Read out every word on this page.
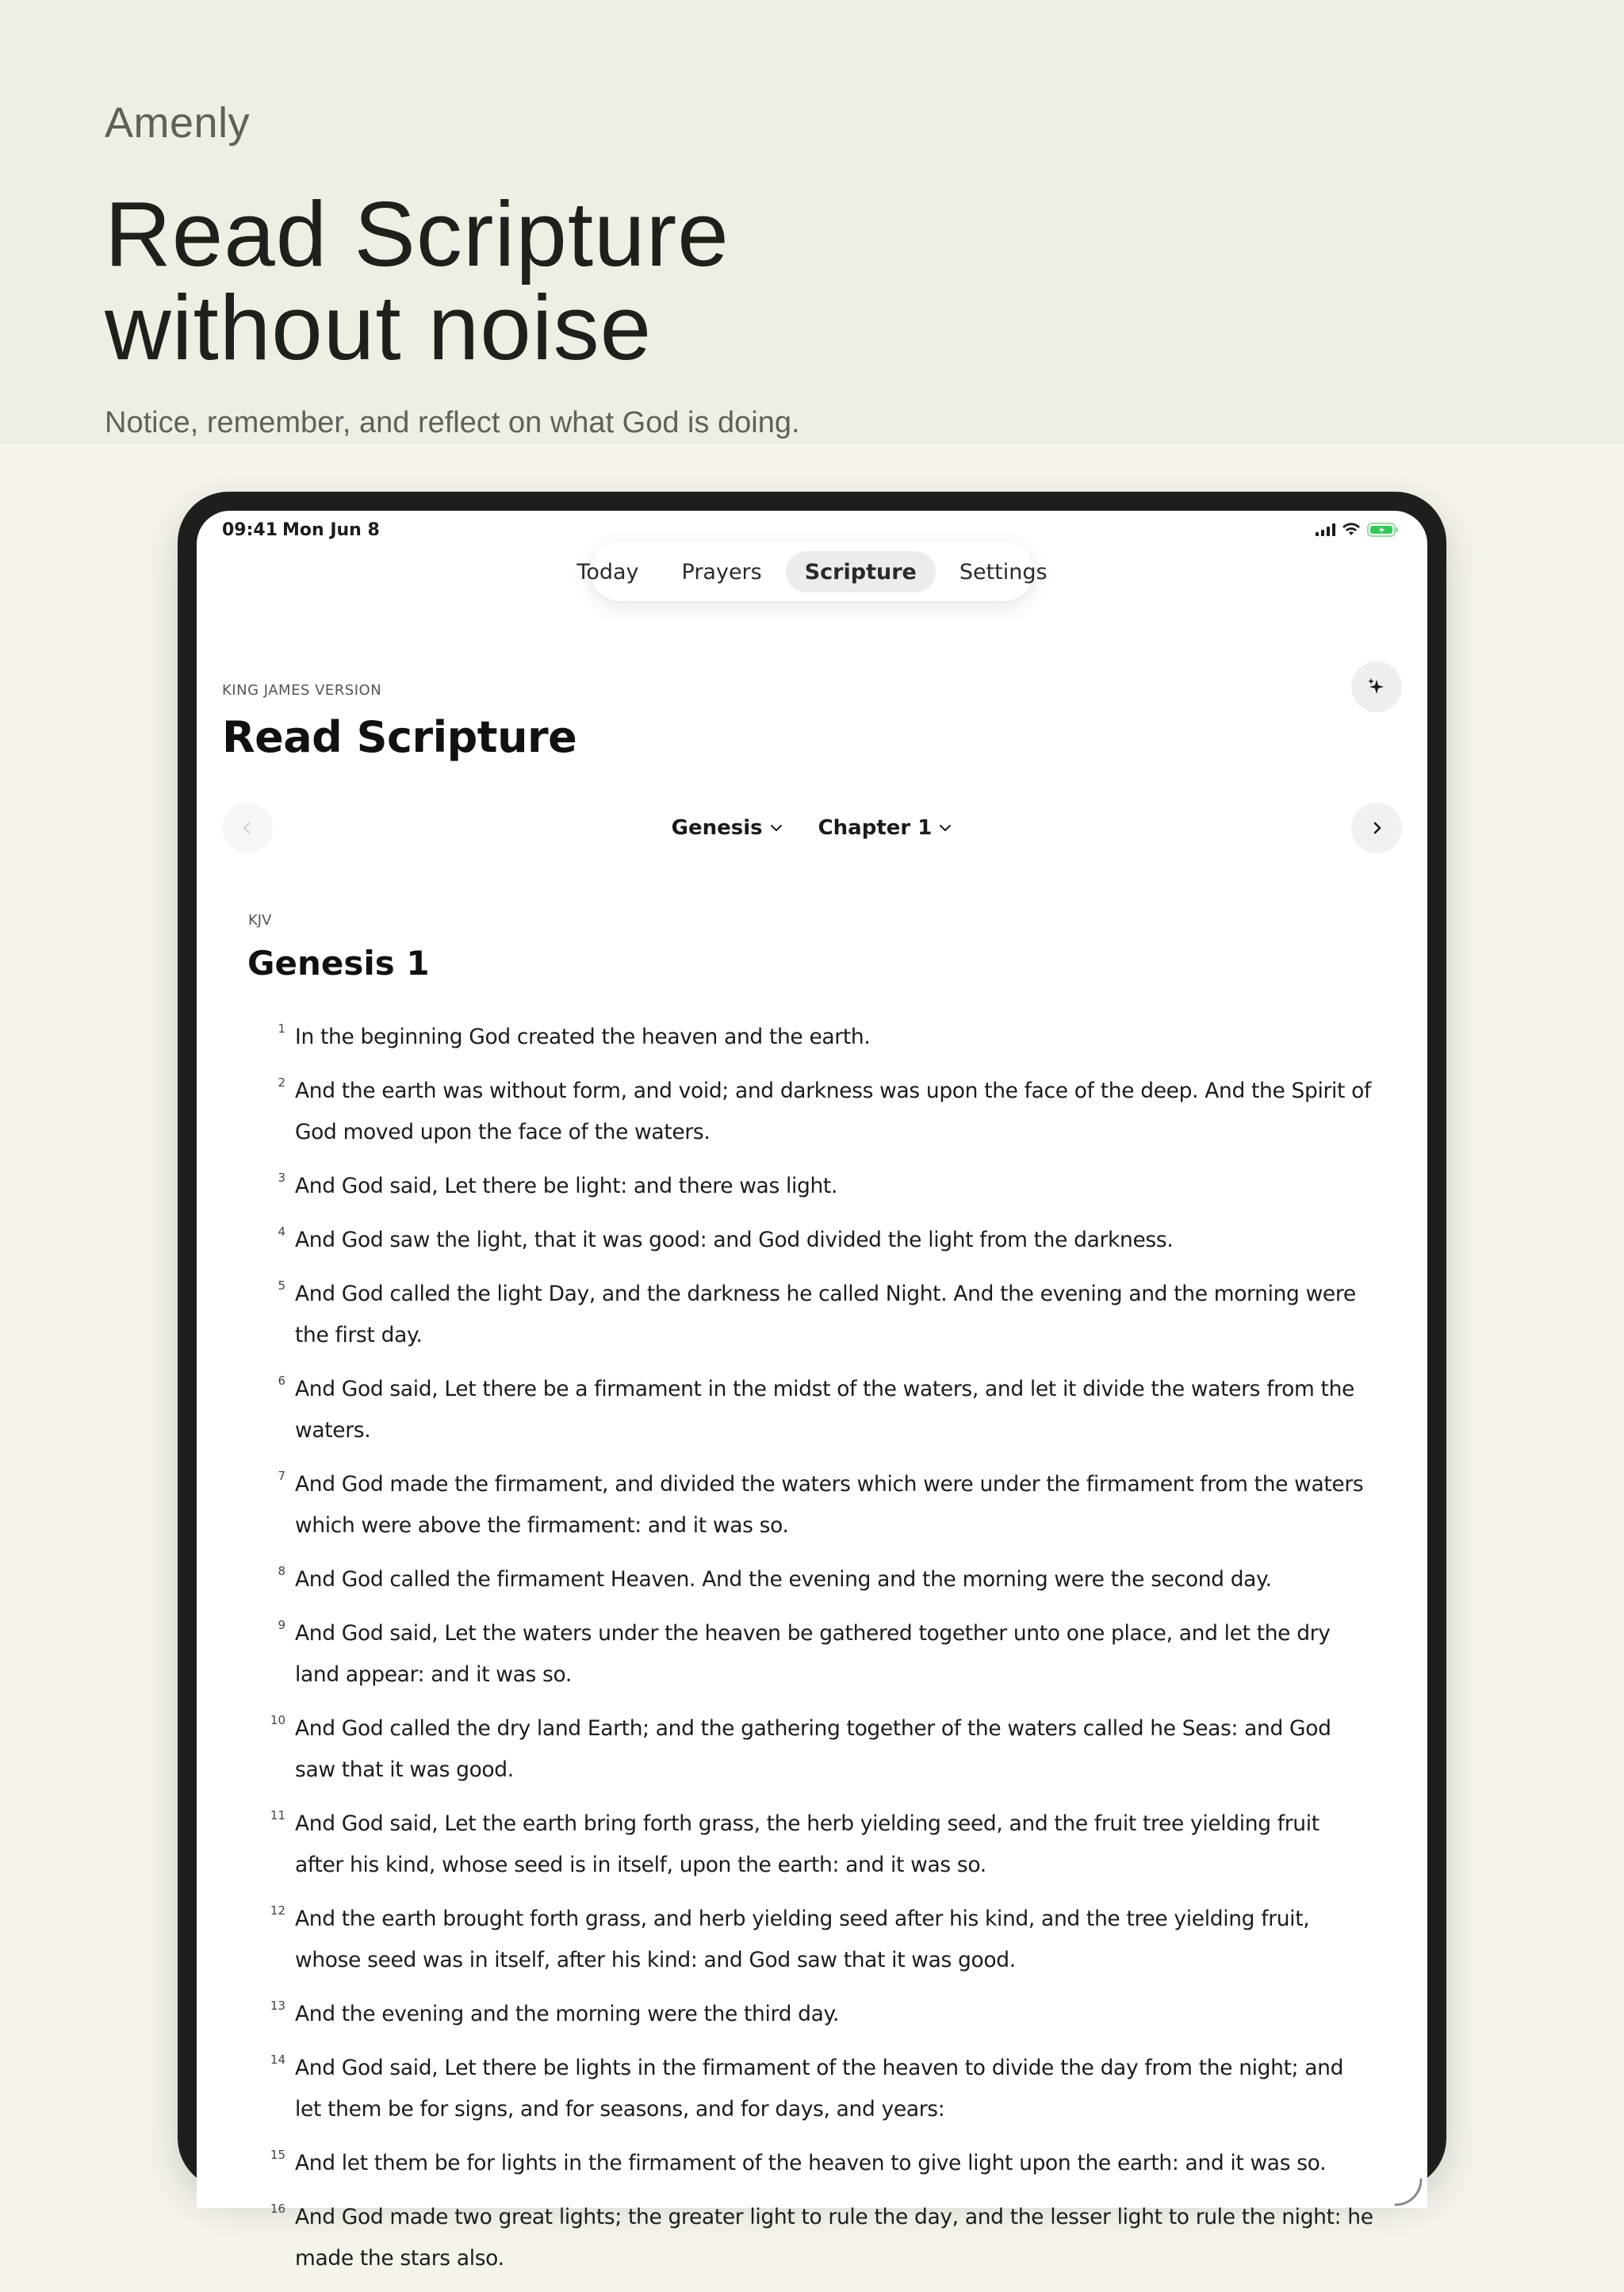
Amenly
Read Scripture
without noise
Notice, remember, and reflect on what God is doing.
09:41 Mon Jun 8
Today	Prayers	Scripture	Settings
KING JAMES VERSION
Read Scripture
Genesis	Chapter 1
KJV
Genesis 1
1 In the beginning God created the heaven and the earth.
2 And the earth was without form, and void; and darkness was upon the face of the deep. And the Spirit of God moved upon the face of the waters.
3 And God said, Let there be light: and there was light.
4 And God saw the light, that it was good: and God divided the light from the darkness.
5 And God called the light Day, and the darkness he called Night. And the evening and the morning were the first day.
6 And God said, Let there be a firmament in the midst of the waters, and let it divide the waters from the waters.
7 And God made the firmament, and divided the waters which were under the firmament from the waters which were above the firmament: and it was so.
8 And God called the firmament Heaven. And the evening and the morning were the second day.
9 And God said, Let the waters under the heaven be gathered together unto one place, and let the dry land appear: and it was so.
10 And God called the dry land Earth; and the gathering together of the waters called he Seas: and God saw that it was good.
11 And God said, Let the earth bring forth grass, the herb yielding seed, and the fruit tree yielding fruit after his kind, whose seed is in itself, upon the earth: and it was so.
12 And the earth brought forth grass, and herb yielding seed after his kind, and the tree yielding fruit, whose seed was in itself, after his kind: and God saw that it was good.
13 And the evening and the morning were the third day.
14 And God said, Let there be lights in the firmament of the heaven to divide the day from the night; and let them be for signs, and for seasons, and for days, and years:
15 And let them be for lights in the firmament of the heaven to give light upon the earth: and it was so.
16 And God made two great lights; the greater light to rule the day, and the lesser light to rule the night: he made the stars also.
